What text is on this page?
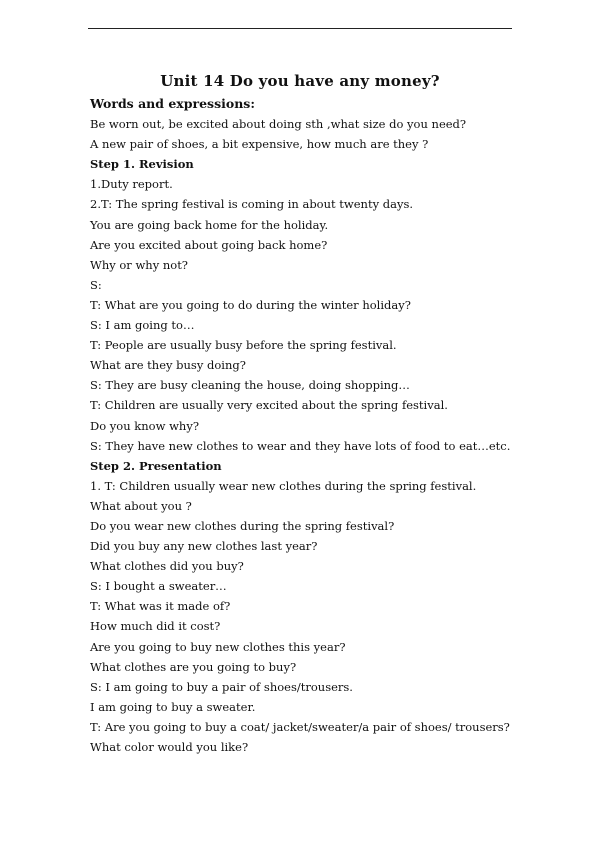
Unit 14 Do you have any money?
Words and expressions:
Be worn out, be excited about doing sth ,what size do you need?
A new pair of shoes, a bit expensive, how much are they ?
Step 1. Revision
1.Duty report.
2.T: The spring festival is coming in about twenty days.
You are going back home for the holiday.
Are you excited about going back home?
Why or why not?
S:
T: What are you going to do during the winter holiday?
S: I am going to…
T: People are usually busy before the spring festival.
What are they busy doing?
S: They are busy cleaning the house, doing shopping…
T: Children are usually very excited about the spring festival.
Do you know why?
S: They have new clothes to wear and they have lots of food to eat…etc.
Step 2. Presentation
1. T: Children usually wear new clothes during the spring festival.
What about you ?
Do you wear new clothes during the spring festival?
Did you buy any new clothes last year?
What clothes did you buy?
S: I bought a sweater…
T: What was it made of?
How much did it cost?
Are you going to buy new clothes this year?
What clothes are you going to buy?
S: I am going to buy a pair of shoes/trousers.
I am going to buy a sweater.
T: Are you going to buy a coat/ jacket/sweater/a pair of shoes/ trousers?
What color would you like?
